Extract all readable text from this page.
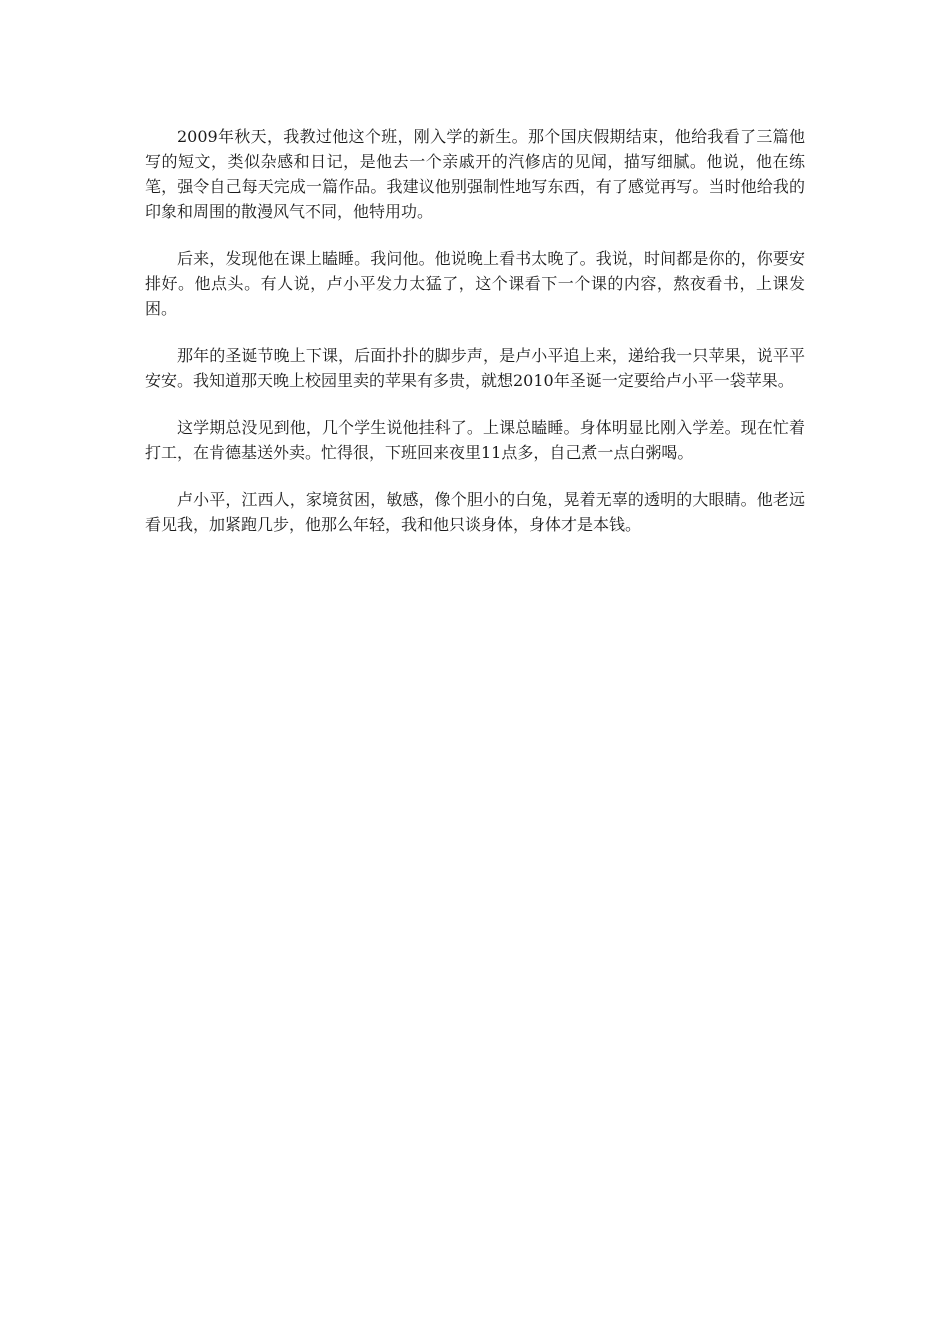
2009年秋天，我教过他这个班，刚入学的新生。那个国庆假期结束，他给我看了三篇他写的短文，类似杂感和日记，是他去一个亲戚开的汽修店的见闻，描写细腻。他说，他在练笔，强令自己每天完成一篇作品。我建议他别强制性地写东西，有了感觉再写。当时他给我的印象和周围的散漫风气不同，他特用功。

后来，发现他在课上瞌睡。我问他。他说晚上看书太晚了。我说，时间都是你的，你要安排好。他点头。有人说，卢小平发力太猛了，这个课看下一个课的内容，熬夜看书，上课发困。

那年的圣诞节晚上下课，后面扑扑的脚步声，是卢小平追上来，递给我一只苹果，说平平安安。我知道那天晚上校园里卖的苹果有多贵，就想2010年圣诞一定要给卢小平一袋苹果。

这学期总没见到他，几个学生说他挂科了。上课总瞌睡。身体明显比刚入学差。现在忙着打工，在肯德基送外卖。忙得很，下班回来夜里11点多，自己煮一点白粥喝。

卢小平，江西人，家境贫困，敏感，像个胆小的白兔，晃着无辜的透明的大眼睛。他老远看见我，加紧跑几步，他那么年轻，我和他只谈身体，身体才是本钱。
